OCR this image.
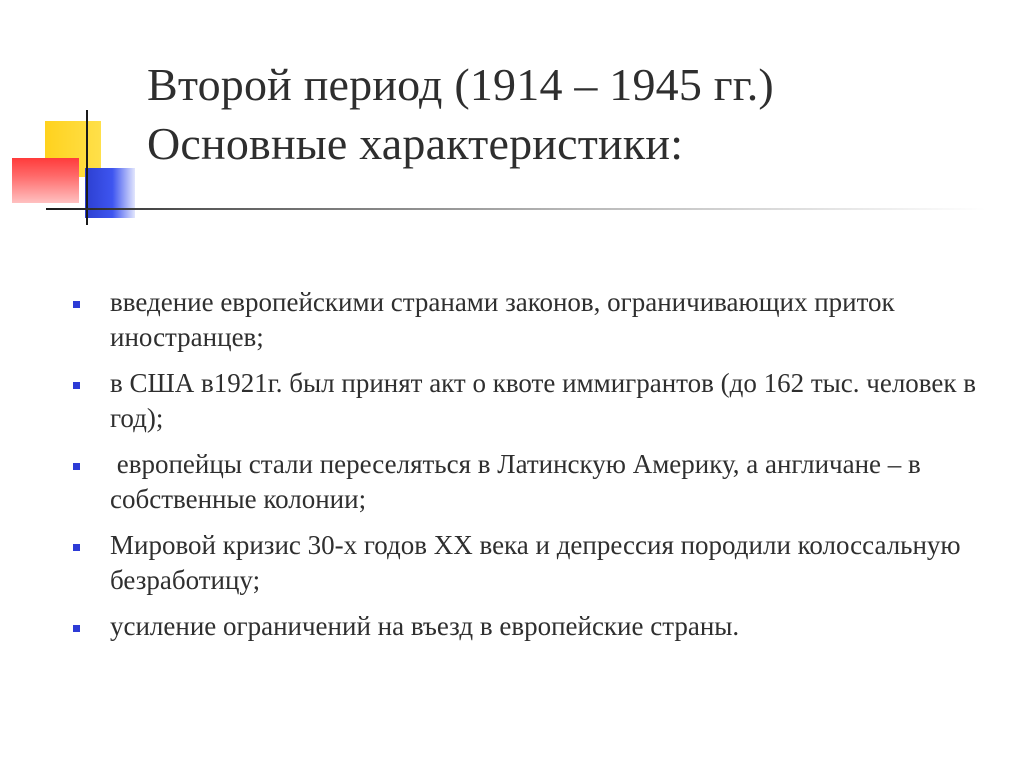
Второй период (1914 – 1945 гг.)
Основные характеристики:
введение европейскими странами законов, ограничивающих приток иностранцев;
в США в1921г. был принят акт о квоте иммигрантов (до 162 тыс. человек в год);
европейцы стали переселяться в Латинскую Америку, а англичане – в собственные колонии;
Мировой кризис 30-х годов XX века и депрессия породили колоссальную безработицу;
усиление ограничений на въезд в европейские страны.
